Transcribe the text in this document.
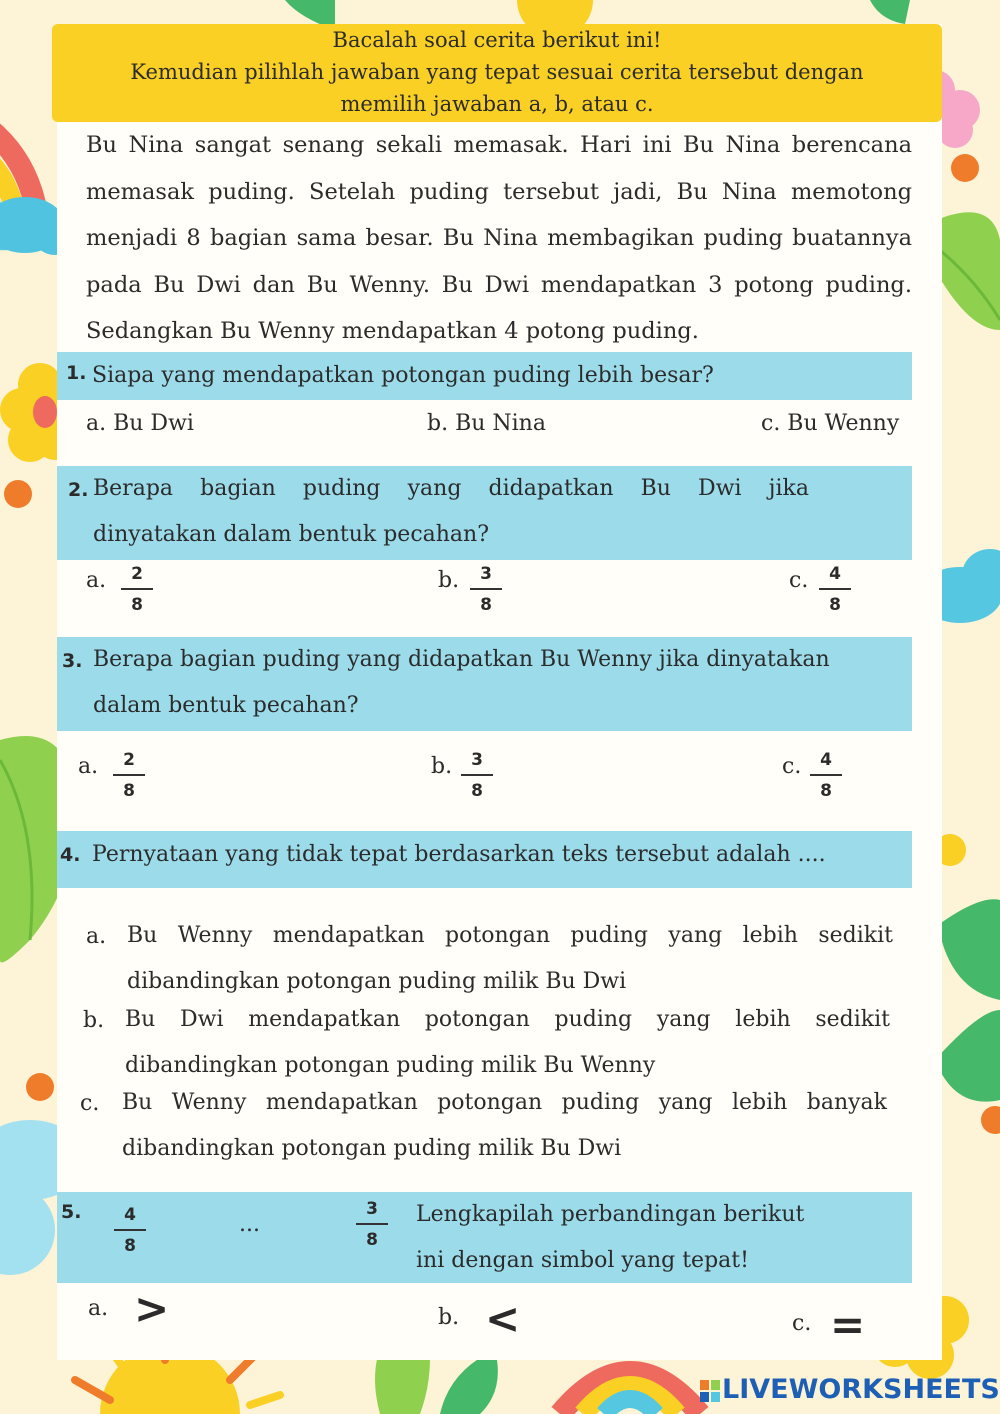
Bacalah soal cerita berikut ini!
Kemudian pilihlah jawaban yang tepat sesuai cerita tersebut dengan
memilih jawaban a, b, atau c.
Bu Nina sangat senang sekali memasak. Hari ini Bu Nina berencana memasak puding. Setelah puding tersebut jadi, Bu Nina memotong menjadi 8 bagian sama besar. Bu Nina membagikan puding buatannya pada Bu Dwi dan Bu Wenny. Bu Dwi mendapatkan 3 potong puding. Sedangkan Bu Wenny mendapatkan 4 potong puding.
1. Siapa yang mendapatkan potongan puding lebih besar?
a. Bu Dwi	b. Bu Nina	c. Bu Wenny
2. Berapa bagian puding yang didapatkan Bu Dwi jika
dinyatakan dalam bentuk pecahan?
a.	2
8
b.	3
8
c.	4
8
3. Berapa bagian puding yang didapatkan Bu Wenny jika dinyatakan
dalam bentuk pecahan?
a.	2
8
b.	3
8
c.	4
8
4. Pernyataan yang tidak tepat berdasarkan teks tersebut adalah ....
a. Bu Wenny mendapatkan potongan puding yang lebih sedikit
dibandingkan potongan puding milik Bu Dwi
b. Bu Dwi mendapatkan potongan puding yang lebih sedikit
dibandingkan potongan puding milik Bu Wenny
c. Bu Wenny mendapatkan potongan puding yang lebih banyak
dibandingkan potongan puding milik Bu Dwi
5.	4
8
...
3
8
Lengkapilah perbandingan berikut
ini dengan simbol yang tepat!
a. >	b. <	c. =
LIVEWORKSHEETS
